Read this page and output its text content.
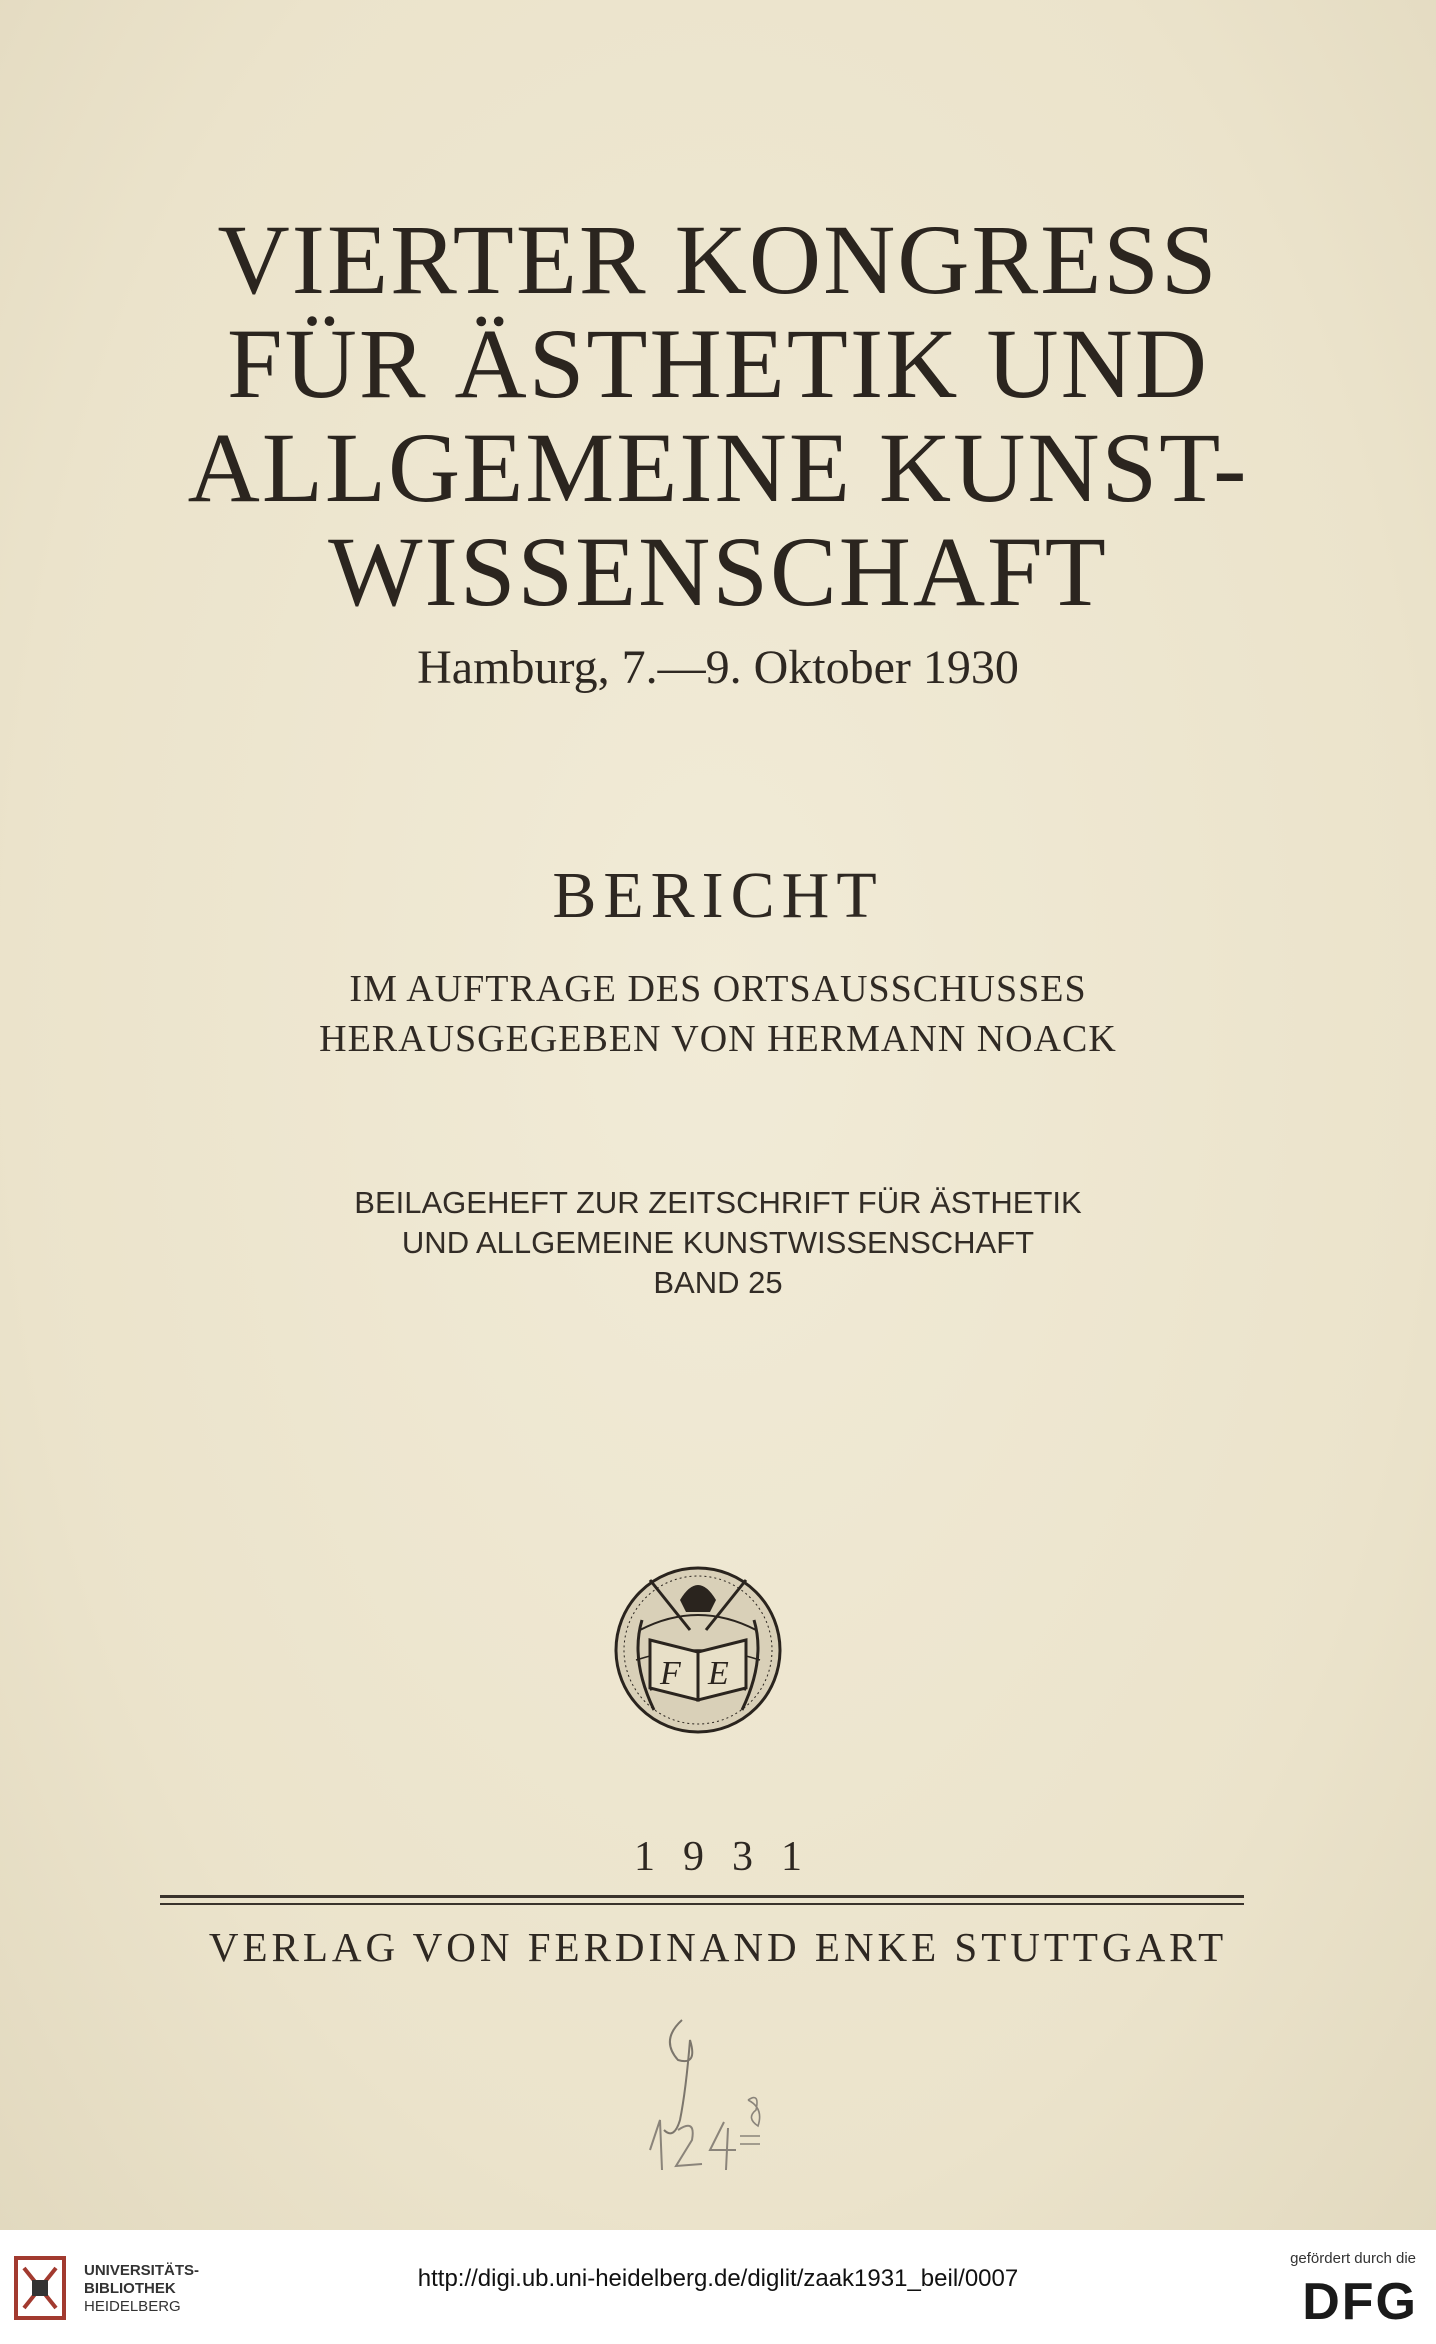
VIERTER KONGRESS
FÜR ÄSTHETIK UND
ALLGEMEINE KUNST-
WISSENSCHAFT
Hamburg, 7.—9. Oktober 1930
BERICHT
IM AUFTRAGE DES ORTSAUSSCHUSSES
HERAUSGEGEBEN VON HERMANN NOACK
BEILAGEHEFT ZUR ZEITSCHRIFT FÜR ÄSTHETIK
UND ALLGEMEINE KUNSTWISSENSCHAFT
BAND 25
F E
1931
VERLAG VON FERDINAND ENKE STUTTGART
UNIVERSITÄTS-
BIBLIOTHEK
HEIDELBERG
http://digi.ub.uni-heidelberg.de/diglit/zaak1931_beil/0007
gefördert durch die
DFG
